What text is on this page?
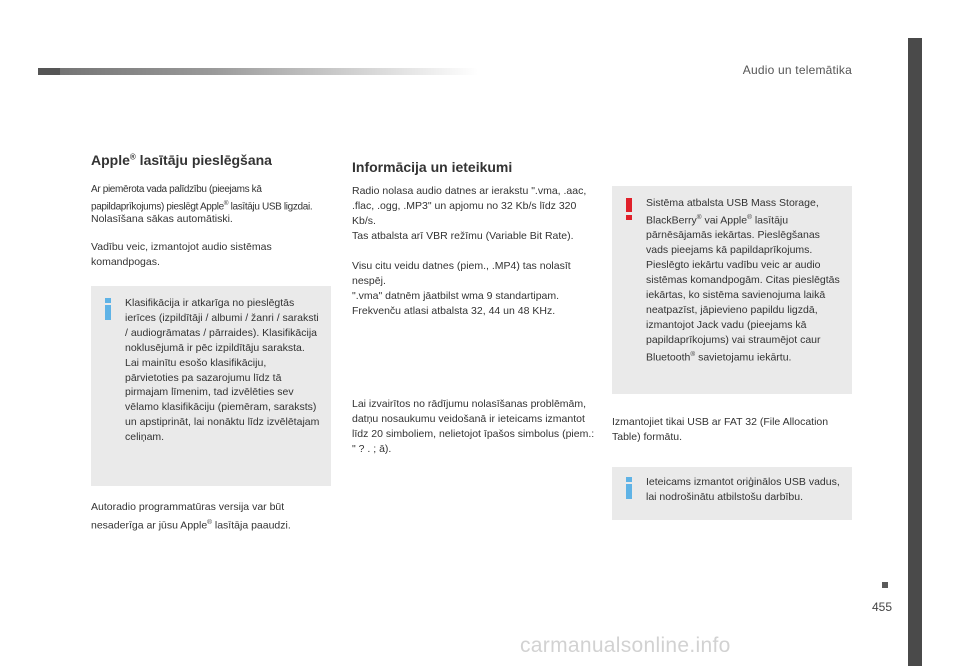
Audio un telemātika
Apple® lasītāju pieslēgšana

Ar piemērota vada palīdzību (pieejams kā papildaprīkojums) pieslēgt Apple® lasītāju USB ligzdai.

Nolasīšana sākas automātiski.

Vadību veic, izmantojot audio sistēmas komandpogas.

Klasifikācija ir atkarīga no pieslēgtās ierīces (izpildītāji / albumi / žanri / saraksti / audiogrāmatas / pārraides). Klasifikācija noklusējumā ir pēc izpildītāju saraksta. Lai mainītu esošo klasifikāciju, pārvietoties pa sazarojumu līdz tā pirmajam līmenim, tad izvēlēties sev vēlamo klasifikāciju (piemēram, saraksts) un apstiprināt, lai nonāktu līdz izvēlētajam celiņam.

Autoradio programmatūras versija var būt nesaderīga ar jūsu Apple® lasītāja paaudzi.

Informācija un ieteikumi

Radio nolasa audio datnes ar ierakstu ".vma, .aac, .flac, .ogg, .MP3" un apjomu no 32 Kb/s līdz 320 Kb/s.

Tas atbalsta arī VBR režīmu (Variable Bit Rate).

Visu citu veidu datnes (piem., .MP4) tas nolasīt nespēj.

".vma" datnēm jāatbilst wma 9 standartipam.

Frekvenču atlasi atbalsta 32, 44 un 48 KHz.

Lai izvairītos no rādījumu nolasīšanas problēmām, datņu nosaukumu veidošanā ir ieteicams izmantot līdz 20 simboliem, nelietojot īpašos simbolus (piem.: " ? . ; ā).

Sistēma atbalsta USB Mass Storage, BlackBerry® vai Apple® lasītāju pārnēsājamās iekārtas. Pieslēgšanas vads pieejams kā papildaprīkojums. Pieslēgto iekārtu vadību veic ar audio sistēmas komandpogām. Citas pieslēgtās iekārtas, ko sistēma savienojuma laikā neatpazīst, jāpievieno papildu ligzdā, izmantojot Jack vadu (pieejams kā papildaprīkojums) vai straumējot caur Bluetooth® savietojamu iekārtu.

Izmantojiet tikai USB ar FAT 32 (File Allocation Table) formātu.

Ieteicams izmantot oriģinālos USB vadus, lai nodrošinātu atbilstošu darbību.
455
carmanualsonline.info
